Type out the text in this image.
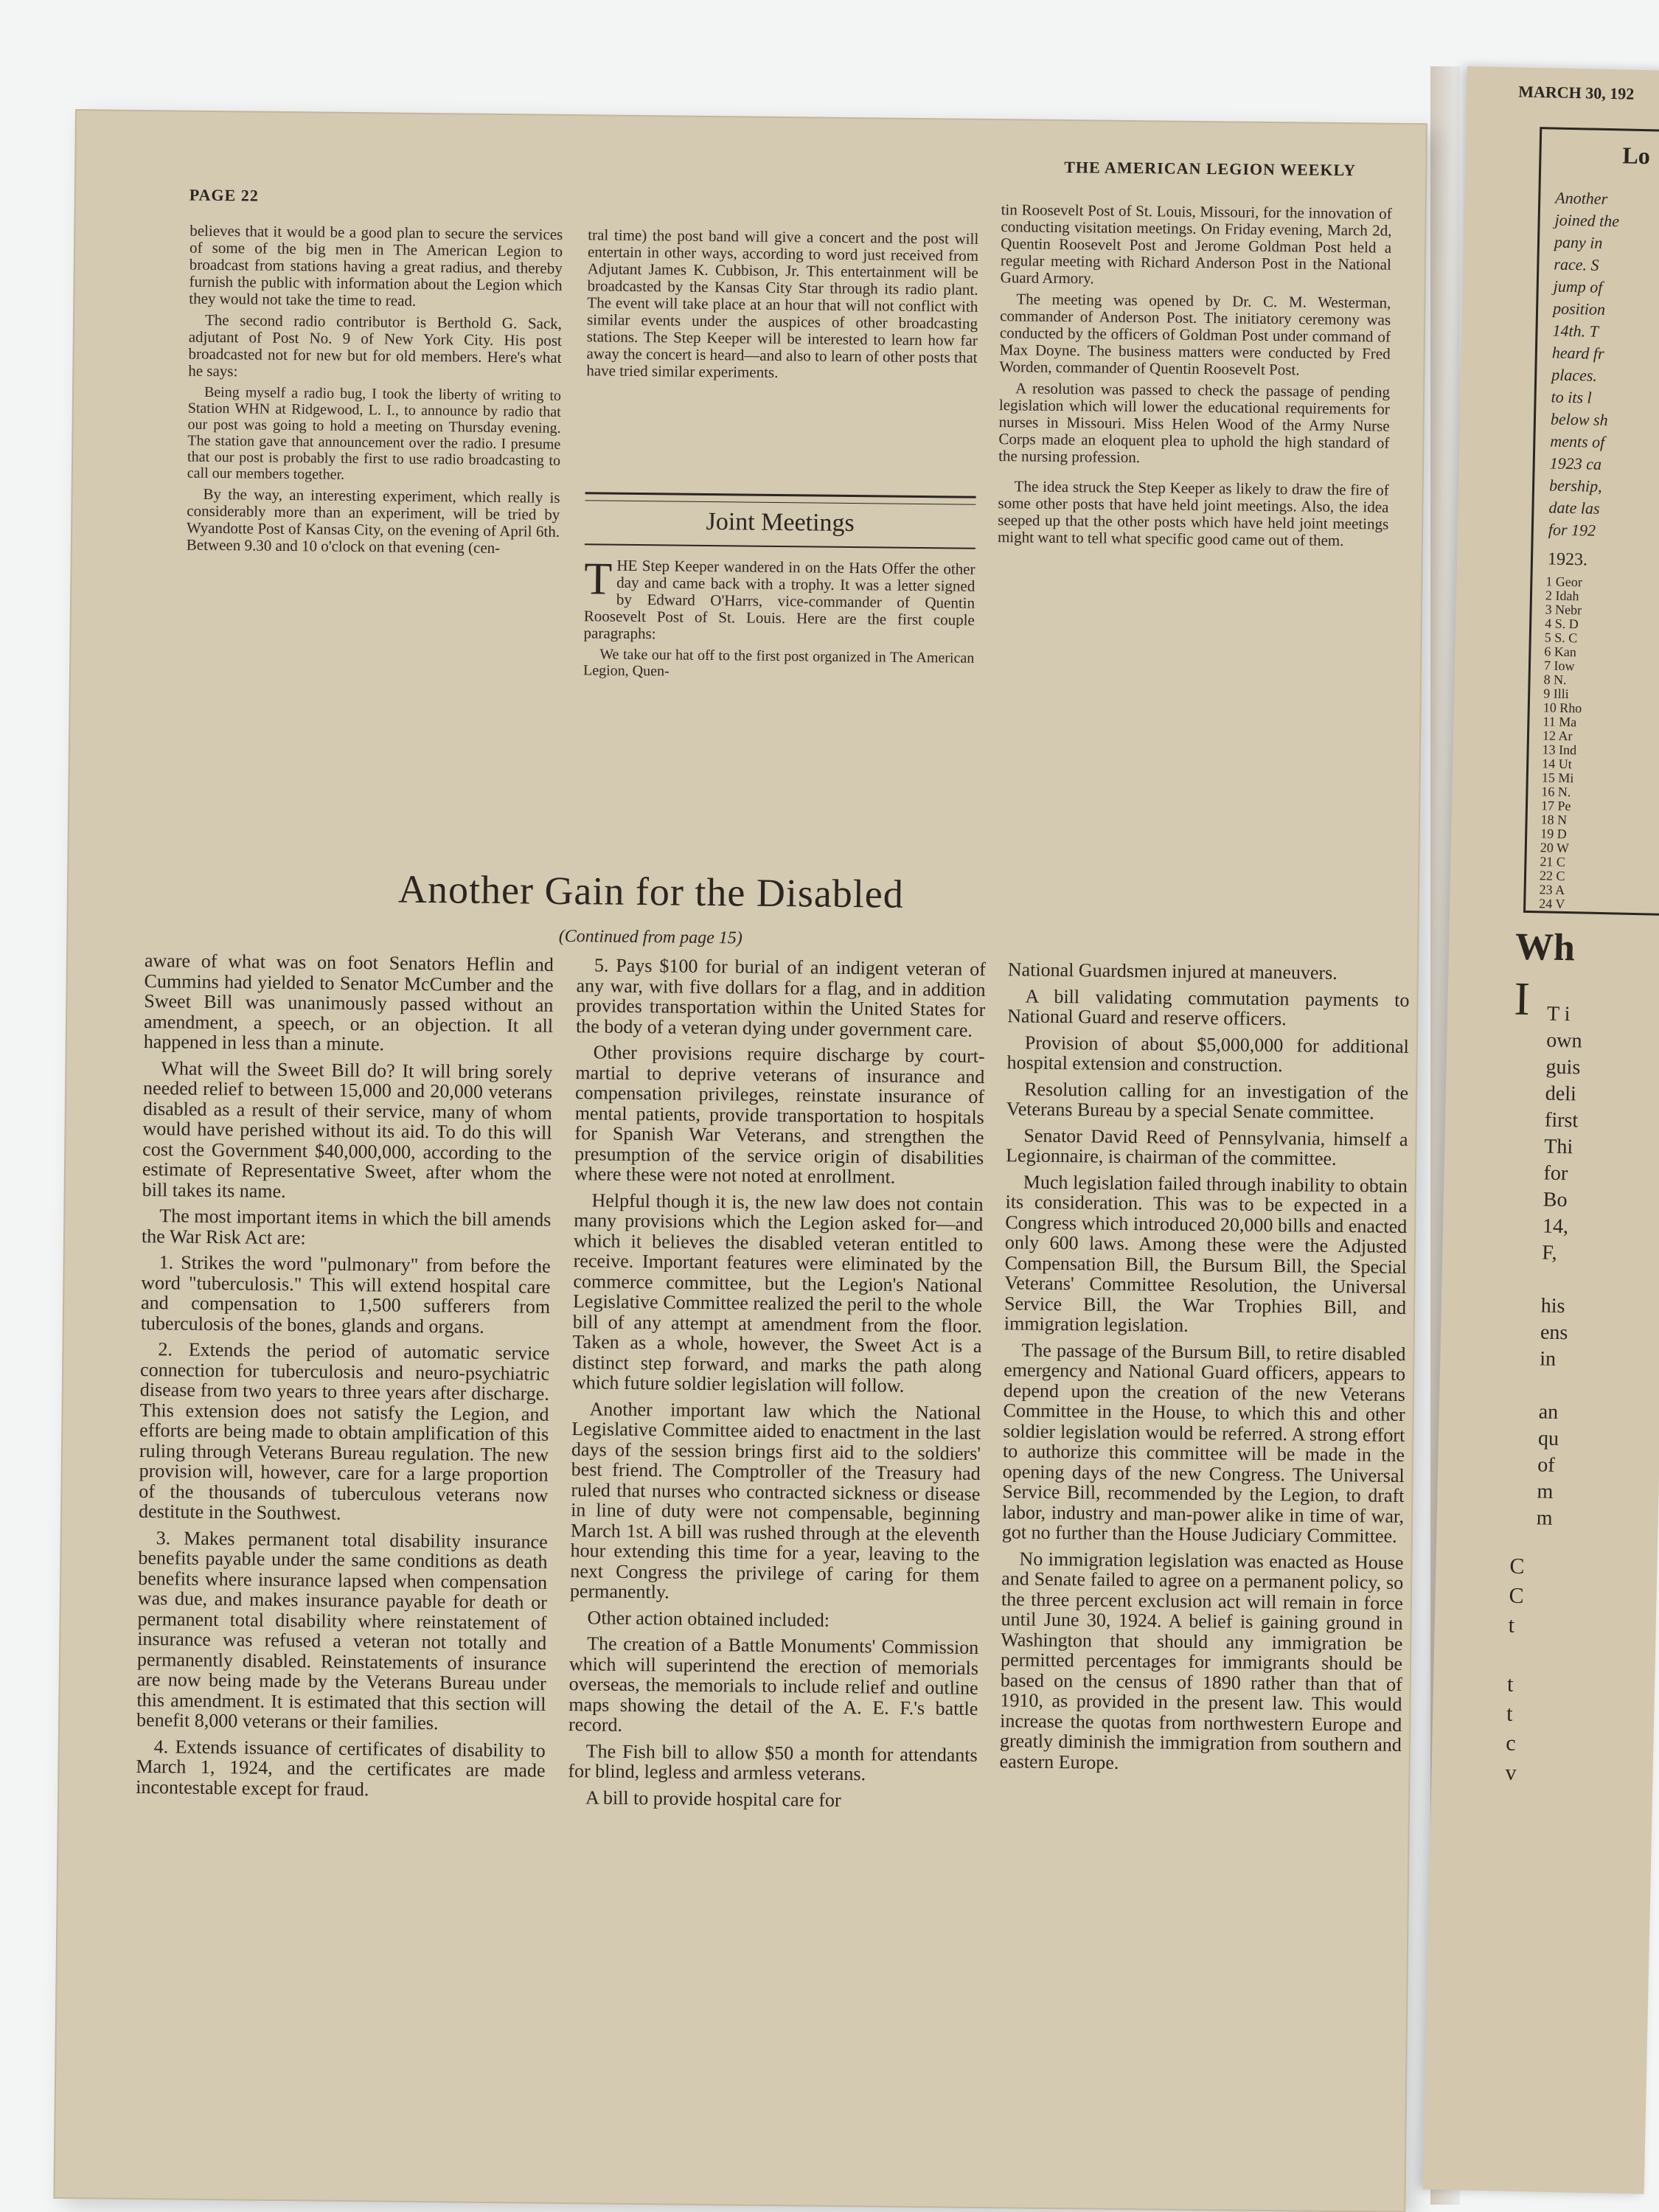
THE AMERICAN LEGION WEEKLY
PAGE 22

believes that it would be a good plan to secure the services of some of the big men in The American Legion to broadcast from stations having a great radius, and thereby furnish the public with information about the Legion which they would not take the time to read.

The second radio contributor is Berthold G. Sack, adjutant of Post No. 9 of New York City. His post broadcasted not for new but for old members. Here's what he says:

Being myself a radio bug, I took the liberty of writing to Station WHN at Ridgewood, L. I., to announce by radio that our post was going to hold a meeting on Thursday evening. The station gave that announcement over the radio. I presume that our post is probably the first to use radio broadcasting to call our members together.

By the way, an interesting experiment, which really is considerably more than an experiment, will be tried by Wyandotte Post of Kansas City, on the evening of April 6th. Between 9.30 and 10 o'clock on that evening (cen-

tral time) the post band will give a concert and the post will entertain in other ways, according to word just received from Adjutant James K. Cubbison, Jr. This entertainment will be broadcasted by the Kansas City Star through its radio plant. The event will take place at an hour that will not conflict with similar events under the auspices of other broadcasting stations. The Step Keeper will be interested to learn how far away the concert is heard—and also to learn of other posts that have tried similar experiments.

Joint Meetings

THE Step Keeper wandered in on the Hats Offer the other day and came back with a trophy. It was a letter signed by Edward O'Harrs, vice-commander of Quentin Roosevelt Post of St. Louis. Here are the first couple paragraphs:

We take our hat off to the first post organized in The American Legion, Quen-

tin Roosevelt Post of St. Louis, Missouri, for the innovation of conducting visitation meetings. On Friday evening, March 2d, Quentin Roosevelt Post and Jerome Goldman Post held a regular meeting with Richard Anderson Post in the National Guard Armory.

The meeting was opened by Dr. C. M. Westerman, commander of Anderson Post. The initiatory ceremony was conducted by the officers of Goldman Post under command of Max Doyne. The business matters were conducted by Fred Worden, commander of Quentin Roosevelt Post.

A resolution was passed to check the passage of pending legislation which will lower the educational requirements for nurses in Missouri. Miss Helen Wood of the Army Nurse Corps made an eloquent plea to uphold the high standard of the nursing profession.

The idea struck the Step Keeper as likely to draw the fire of some other posts that have held joint meetings. Also, the idea seeped up that the other posts which have held joint meetings might want to tell what specific good came out of them.

Another Gain for the Disabled
(Continued from page 15)

aware of what was on foot Senators Heflin and Cummins had yielded to Senator McCumber and the Sweet Bill was unanimously passed without an amendment, a speech, or an objection. It all happened in less than a minute.

What will the Sweet Bill do? It will bring sorely needed relief to between 15,000 and 20,000 veterans disabled as a result of their service, many of whom would have perished without its aid. To do this will cost the Government $40,000,000, according to the estimate of Representative Sweet, after whom the bill takes its name.

The most important items in which the bill amends the War Risk Act are:

1. Strikes the word "pulmonary" from before the word "tuberculosis." This will extend hospital care and compensation to 1,500 sufferers from tuberculosis of the bones, glands and organs.

2. Extends the period of automatic service connection for tuberculosis and neuro-psychiatric disease from two years to three years after discharge. This extension does not satisfy the Legion, and efforts are being made to obtain amplification of this ruling through Veterans Bureau regulation. The new provision will, however, care for a large proportion of the thousands of tuberculous veterans now destitute in the Southwest.

3. Makes permanent total disability insurance benefits payable under the same conditions as death benefits where insurance lapsed when compensation was due, and makes insurance payable for death or permanent total disability where reinstatement of insurance was refused a veteran not totally and permanently disabled. Reinstatements of insurance are now being made by the Veterans Bureau under this amendment. It is estimated that this section will benefit 8,000 veterans or their families.

4. Extends issuance of certificates of disability to March 1, 1924, and the certificates are made incontestable except for fraud.

5. Pays $100 for burial of an indigent veteran of any war, with five dollars for a flag, and in addition provides transportation within the United States for the body of a veteran dying under government care.

Other provisions require discharge by court-martial to deprive veterans of insurance and compensation privileges, reinstate insurance of mental patients, provide transportation to hospitals for Spanish War Veterans, and strengthen the presumption of the service origin of disabilities where these were not noted at enrollment.

Helpful though it is, the new law does not contain many provisions which the Legion asked for—and which it believes the disabled veteran entitled to receive. Important features were eliminated by the commerce committee, but the Legion's National Legislative Committee realized the peril to the whole bill of any attempt at amendment from the floor. Taken as a whole, however, the Sweet Act is a distinct step forward, and marks the path along which future soldier legislation will follow.

Another important law which the National Legislative Committee aided to enactment in the last days of the session brings first aid to the soldiers' best friend. The Comptroller of the Treasury had ruled that nurses who contracted sickness or disease in line of duty were not compensable, beginning March 1st. A bill was rushed through at the eleventh hour extending this time for a year, leaving to the next Congress the privilege of caring for them permanently.

Other action obtained included:

The creation of a Battle Monuments' Commission which will superintend the erection of memorials overseas, the memorials to include relief and outline maps showing the detail of the A. E. F.'s battle record.

The Fish bill to allow $50 a month for attendants for blind, legless and armless veterans.

A bill to provide hospital care for

National Guardsmen injured at maneuvers.

A bill validating commutation payments to National Guard and reserve officers.

Provision of about $5,000,000 for additional hospital extension and construction.

Resolution calling for an investigation of the Veterans Bureau by a special Senate committee.

Senator David Reed of Pennsylvania, himself a Legionnaire, is chairman of the committee.

Much legislation failed through inability to obtain its consideration. This was to be expected in a Congress which introduced 20,000 bills and enacted only 600 laws. Among these were the Adjusted Compensation Bill, the Bursum Bill, the Special Veterans' Committee Resolution, the Universal Service Bill, the War Trophies Bill, and immigration legislation.

The passage of the Bursum Bill, to retire disabled emergency and National Guard officers, appears to depend upon the creation of the new Veterans Committee in the House, to which this and other soldier legislation would be referred. A strong effort to authorize this committee will be made in the opening days of the new Congress. The Universal Service Bill, recommended by the Legion, to draft labor, industry and man-power alike in time of war, got no further than the House Judiciary Committee.

No immigration legislation was enacted as House and Senate failed to agree on a permanent policy, so the three percent exclusion act will remain in force until June 30, 1924. A belief is gaining ground in Washington that should any immigration be permitted percentages for immigrants should be based on the census of 1890 rather than that of 1910, as provided in the present law. This would increase the quotas from northwestern Europe and greatly diminish the immigration from southern and eastern Europe.

MARCH 30, 192
Lo
Another
joined the
pany in
race. S
jump of
position
14th. T
heard fr
places.
to its l
below sh
ments of
1923 ca
bership,
date las
for 192
1923.
1 Geor
2 Idah
3 Nebr
4 S. D
5 S. C
6 Kan
7 Iow
8 N.
9 Illi
10 Rho
11 Ma
12 Ar
13 Ind
14 Ut
15 Mi
16 N.
17 Pe
18 N
19 D
20 W
21 C
22 C
23 A
24 V
Wh
I T i
own
guis
deli
first
Thi
for
Bo
14,
F,
his
ens
in
an
qu
of
m
m
C
C
t
t
t
c
v
